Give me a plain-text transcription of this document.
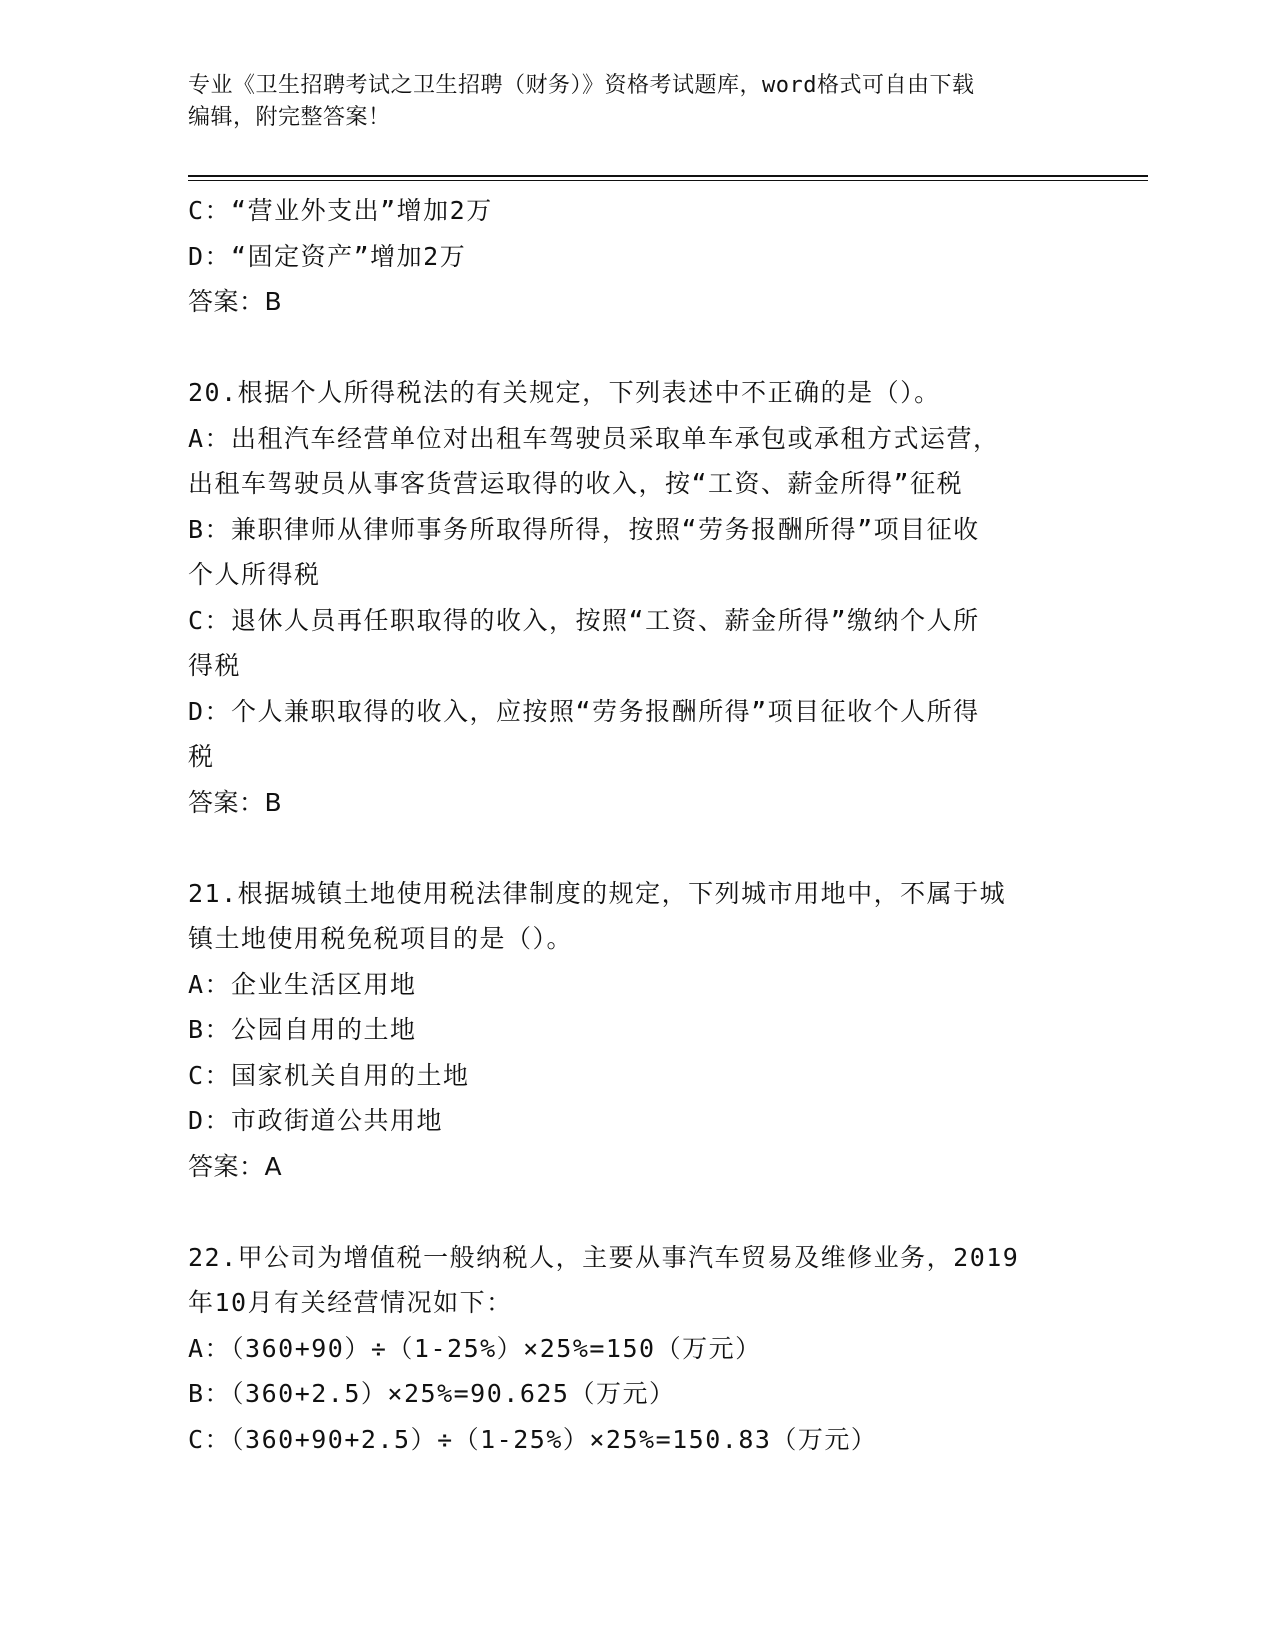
专业《卫生招聘考试之卫生招聘（财务）》资格考试题库，word格式可自由下载
编辑，附完整答案！
C：“营业外支出”增加2万
D：“固定资产”增加2万
答案：B
20.根据个人所得税法的有关规定，下列表述中不正确的是（）。
A：出租汽车经营单位对出租车驾驶员采取单车承包或承租方式运营，
出租车驾驶员从事客货营运取得的收入，按“工资、薪金所得”征税
B：兼职律师从律师事务所取得所得，按照“劳务报酬所得”项目征收
个人所得税
C：退休人员再任职取得的收入，按照“工资、薪金所得”缴纳个人所
得税
D：个人兼职取得的收入，应按照“劳务报酬所得”项目征收个人所得
税
答案：B
21.根据城镇土地使用税法律制度的规定，下列城市用地中，不属于城
镇土地使用税免税项目的是（）。
A：企业生活区用地
B：公园自用的土地
C：国家机关自用的土地
D：市政街道公共用地
答案：A
22.甲公司为增值税一般纳税人，主要从事汽车贸易及维修业务，2019
年10月有关经营情况如下：
A：（360+90）÷（1-25%）×25%=150（万元）
B：（360+2.5）×25%=90.625（万元）
C：（360+90+2.5）÷（1-25%）×25%=150.83（万元）
